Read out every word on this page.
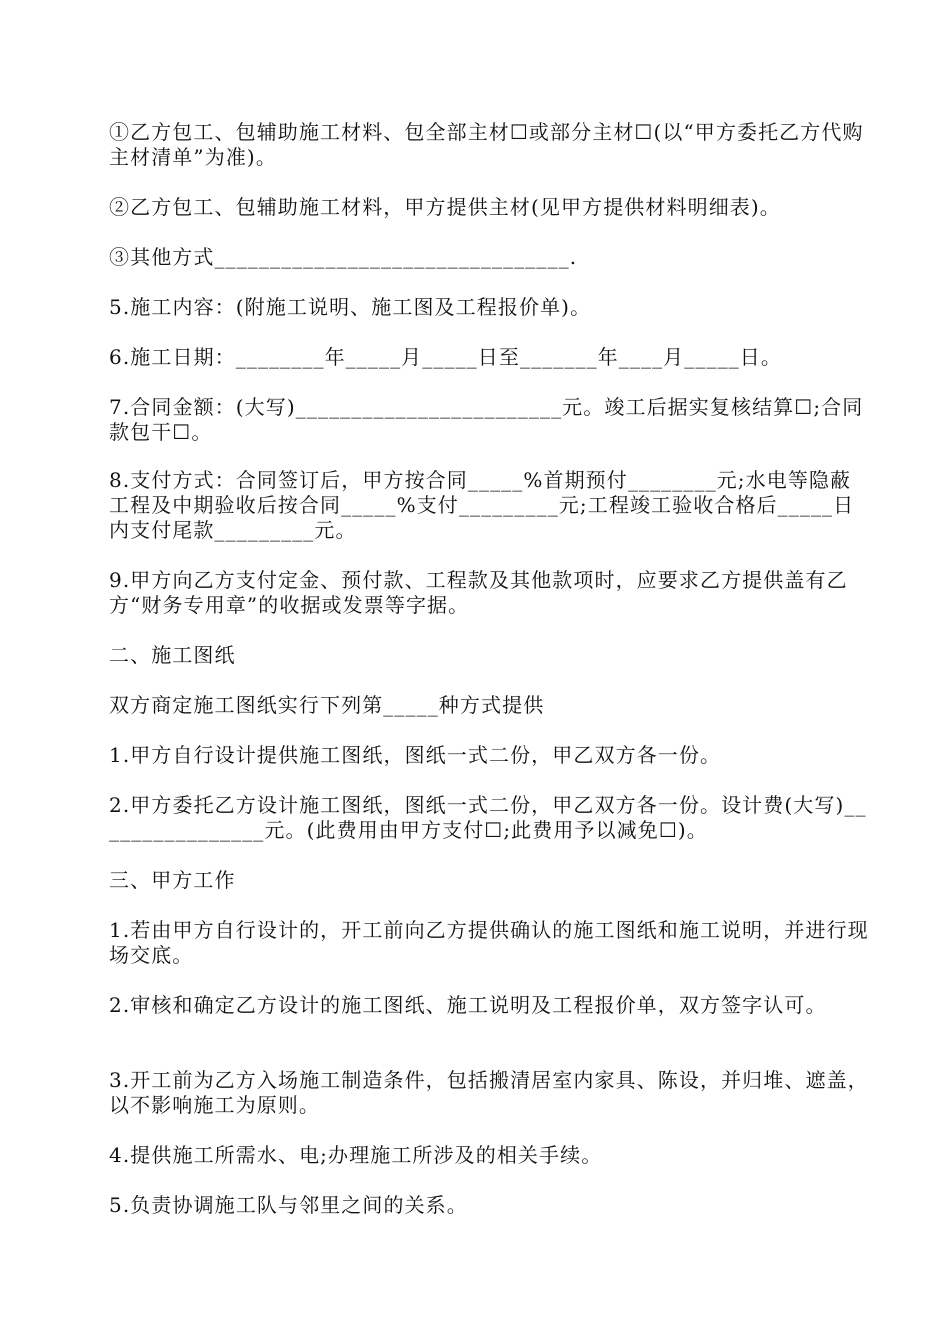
①乙方包工、包辅助施工材料、包全部主材☐或部分主材☐(以“甲方委托乙方代购主材清单”为准)。

②乙方包工、包辅助施工材料，甲方提供主材(见甲方提供材料明细表)。

③其他方式________________________________.

5.施工内容：(附施工说明、施工图及工程报价单)。

6.施工日期：________年_____月_____日至_______年____月_____日。

7.合同金额：(大写)________________________元。竣工后据实复核结算☐;合同款包干☐。

8.支付方式：合同签订后，甲方按合同_____%首期预付________元;水电等隐蔽工程及中期验收后按合同_____%支付_________元;工程竣工验收合格后_____日内支付尾款_________元。

9.甲方向乙方支付定金、预付款、工程款及其他款项时，应要求乙方提供盖有乙方“财务专用章”的收据或发票等字据。

二、施工图纸

双方商定施工图纸实行下列第_____种方式提供

1.甲方自行设计提供施工图纸，图纸一式二份，甲乙双方各一份。

2.甲方委托乙方设计施工图纸，图纸一式二份，甲乙双方各一份。设计费(大写)________________元。(此费用由甲方支付☐;此费用予以减免☐)。

三、甲方工作

1.若由甲方自行设计的，开工前向乙方提供确认的施工图纸和施工说明，并进行现场交底。

2.审核和确定乙方设计的施工图纸、施工说明及工程报价单，双方签字认可。

3.开工前为乙方入场施工制造条件，包括搬清居室内家具、陈设，并归堆、遮盖，以不影响施工为原则。

4.提供施工所需水、电;办理施工所涉及的相关手续。

5.负责协调施工队与邻里之间的关系。
